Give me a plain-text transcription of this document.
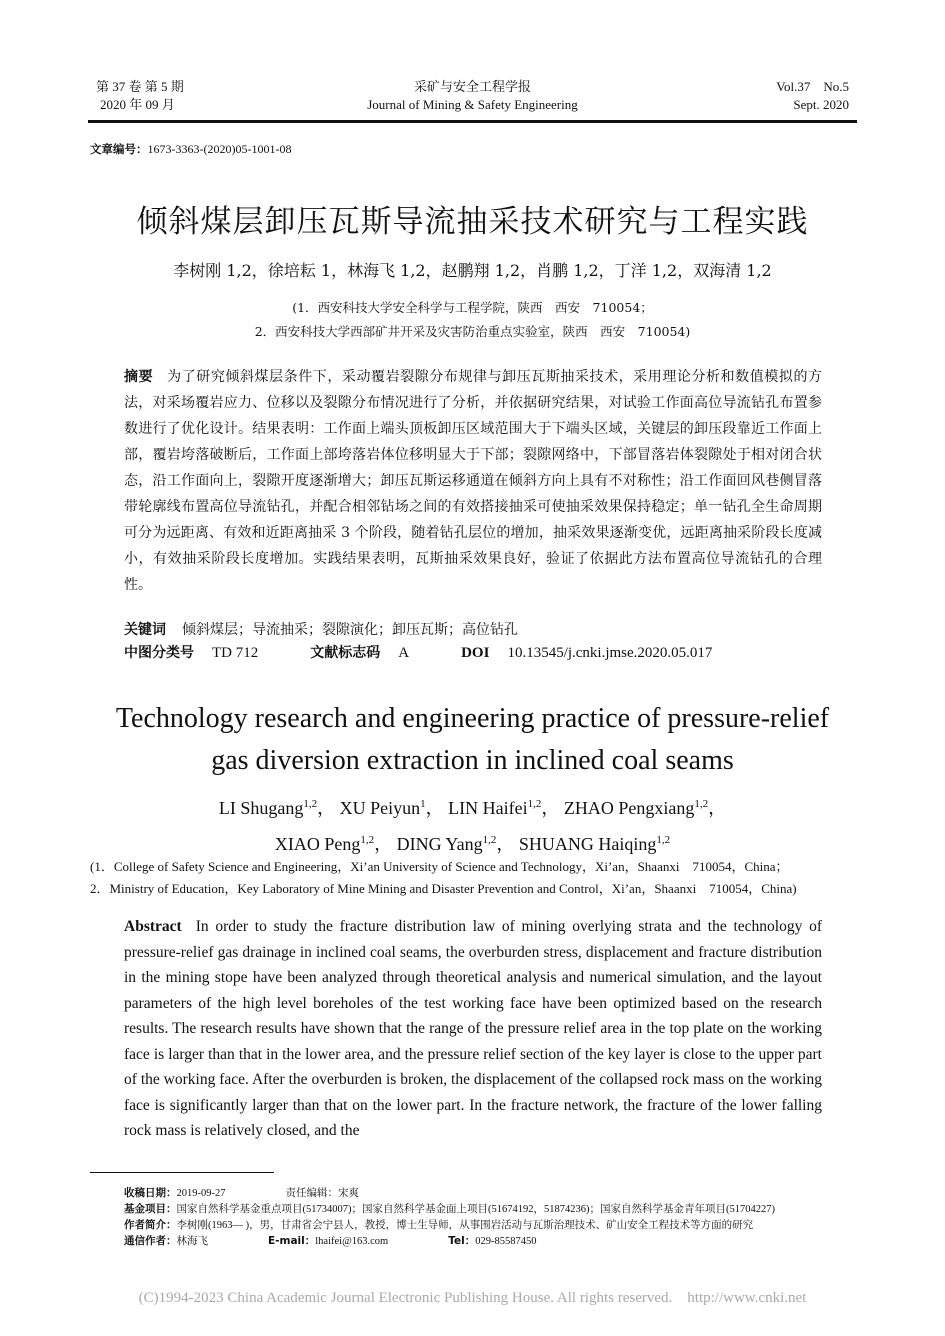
第 37 卷 第 5 期
2020 年 09 月
采矿与安全工程学报
Journal of Mining & Safety Engineering
Vol.37    No.5
Sept. 2020
文章编号：1673-3363-(2020)05-1001-08
倾斜煤层卸压瓦斯导流抽采技术研究与工程实践
李树刚 1,2，徐培耘 1，林海飞 1,2，赵鹏翔 1,2，肖鹏 1,2，丁洋 1,2，双海清 1,2
(1．西安科技大学安全科学与工程学院，陕西　西安　710054；
2．西安科技大学西部矿井开采及灾害防治重点实验室，陕西　西安　710054)
摘要 为了研究倾斜煤层条件下，采动覆岩裂隙分布规律与卸压瓦斯抽采技术，采用理论分析和数值模拟的方法，对采场覆岩应力、位移以及裂隙分布情况进行了分析，并依据研究结果，对试验工作面高位导流钻孔布置参数进行了优化设计。结果表明：工作面上端头顶板卸压区域范围大于下端头区域，关键层的卸压段靠近工作面上部，覆岩垮落破断后，工作面上部垮落岩体位移明显大于下部；裂隙网络中，下部冒落岩体裂隙处于相对闭合状态，沿工作面向上，裂隙开度逐渐增大；卸压瓦斯运移通道在倾斜方向上具有不对称性；沿工作面回风巷侧冒落带轮廓线布置高位导流钻孔，并配合相邻钻场之间的有效搭接抽采可使抽采效果保持稳定；单一钻孔全生命周期可分为远距离、有效和近距离抽采 3 个阶段，随着钻孔层位的增加，抽采效果逐渐变优，远距离抽采阶段长度减小，有效抽采阶段长度增加。实践结果表明，瓦斯抽采效果良好，验证了依据此方法布置高位导流钻孔的合理性。
关键词 倾斜煤层；导流抽采；裂隙演化；卸压瓦斯；高位钻孔
中图分类号 TD 712	文献标志码 A	DOI 10.13545/j.cnki.jmse.2020.05.017
Technology research and engineering practice of pressure-relief
gas diversion extraction in inclined coal seams
LI Shugang$^{1,2}$， XU Peiyun$^1$， LIN Haifei$^{1,2}$， ZHAO Pengxiang$^{1,2}$，
XIAO Peng$^{1,2}$， DING Yang$^{1,2}$， SHUANG Haiqing$^{1,2}$
(1．College of Safety Science and Engineering，Xi’an University of Science and Technology，Xi’an，Shaanxi　710054，China；
2．Ministry of Education，Key Laboratory of Mine Mining and Disaster Prevention and Control，Xi’an，Shaanxi　710054，China)
Abstract In order to study the fracture distribution law of mining overlying strata and the technology of pressure-relief gas drainage in inclined coal seams, the overburden stress, displacement and fracture distribution in the mining stope have been analyzed through theoretical analysis and numerical simulation, and the layout parameters of the high level boreholes of the test working face have been optimized based on the research results. The research results have shown that the range of the pressure relief area in the top plate on the working face is larger than that in the lower area, and the pressure relief section of the key layer is close to the upper part of the working face. After the overburden is broken, the displacement of the collapsed rock mass on the working face is significantly larger than that on the lower part. In the fracture network, the fracture of the lower falling rock mass is relatively closed, and the
收稿日期：2019-09-27	责任编辑：宋爽
基金项目：国家自然科学基金重点项目(51734007)；国家自然科学基金面上项目(51674192，51874236)；国家自然科学基金青年项目(51704227)
作者简介：李树刚(1963— )，男，甘肃省会宁县人，教授，博士生导师，从事围岩活动与瓦斯治理技术、矿山安全工程技术等方面的研究
通信作者：林海飞	E-mail：lhaifei@163.com	Tel：029-85587450
(C)1994-2023 China Academic Journal Electronic Publishing House. All rights reserved.    http://www.cnki.net
